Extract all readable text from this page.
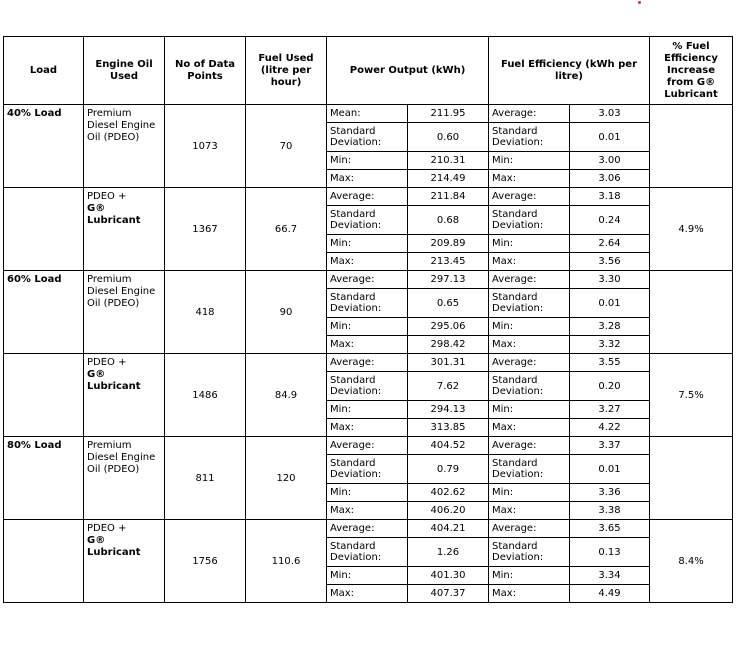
Load	Engine Oil Used	No of Data Points	Fuel Used (litre per hour)	Power Output (kWh)		Fuel Efficiency (kWh per litre)		% Fuel Efficiency Increase from G® Lubricant
40% Load	Premium
Diesel Engine
Oil (PDEO)	1073	70	Mean:	211.95	Average:	3.03	
				Standard Deviation:	0.60	Standard Deviation:	0.01	
				Min:	210.31	Min:	3.00	
				Max:	214.49	Max:	3.06	

	PDEO +
G®
Lubricant	1367	66.7	Average:	211.84	Average:	3.18	4.9%
				Standard Deviation:	0.68	Standard Deviation:	0.24	
				Min:	209.89	Min:	2.64	
				Max:	213.45	Max:	3.56	
60% Load	Premium
Diesel Engine
Oil (PDEO)	418	90	Average:	297.13	Average:	3.30	
				Standard Deviation:	0.65	Standard Deviation:	0.01	
				Min:	295.06	Min:	3.28	
				Max:	298.42	Max:	3.32	

	PDEO +
G®
Lubricant	1486	84.9	Average:	301.31	Average:	3.55	7.5%
				Standard Deviation:	7.62	Standard Deviation:	0.20	
				Min:	294.13	Min:	3.27	
				Max:	313.85	Max:	4.22	
80% Load	Premium
Diesel Engine
Oil (PDEO)	811	120	Average:	404.52	Average:	3.37	
				Standard Deviation:	0.79	Standard Deviation:	0.01	
				Min:	402.62	Min:	3.36	
				Max:	406.20	Max:	3.38	

	PDEO +
G®
Lubricant	1756	110.6	Average:	404.21	Average:	3.65	8.4%
				Standard Deviation:	1.26	Standard Deviation:	0.13	
				Min:	401.30	Min:	3.34	
				Max:	407.37	Max:	4.49	
